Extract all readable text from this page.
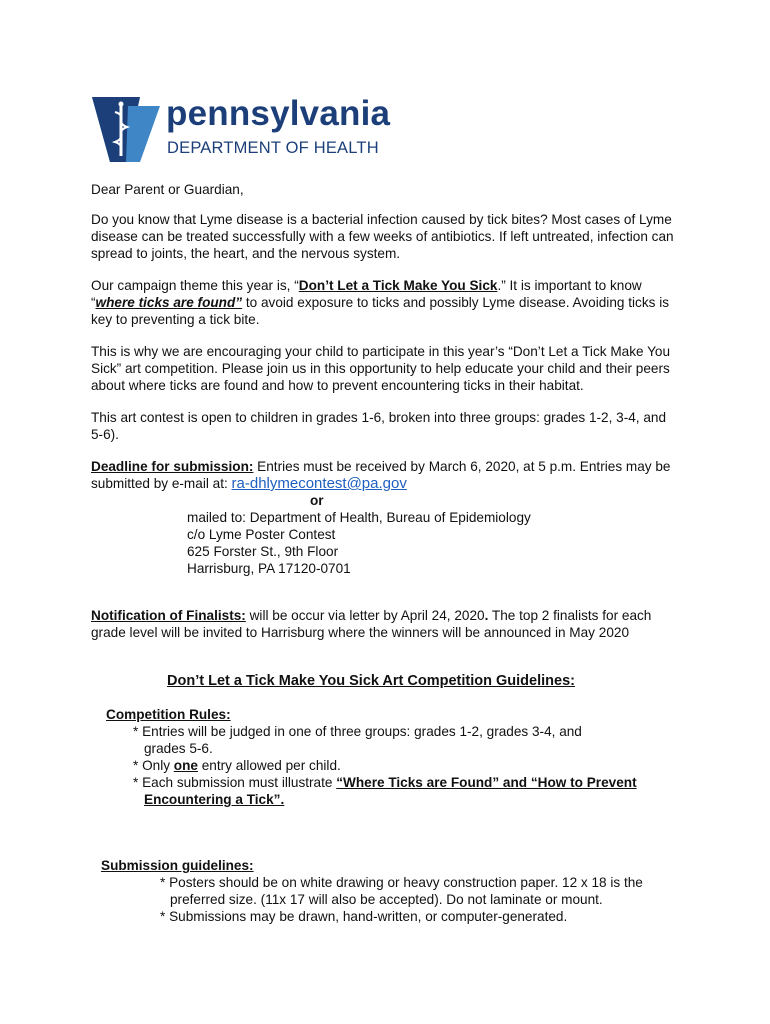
pennsylvania
DEPARTMENT OF HEALTH

Dear Parent or Guardian,

Do you know that Lyme disease is a bacterial infection caused by tick bites? Most cases of Lyme disease can be treated successfully with a few weeks of antibiotics. If left untreated, infection can spread to joints, the heart, and the nervous system.

Our campaign theme this year is, “Don’t Let a Tick Make You Sick.” It is important to know “where ticks are found” to avoid exposure to ticks and possibly Lyme disease. Avoiding ticks is key to preventing a tick bite.

This is why we are encouraging your child to participate in this year’s “Don’t Let a Tick Make You Sick” art competition. Please join us in this opportunity to help educate your child and their peers about where ticks are found and how to prevent encountering ticks in their habitat.

This art contest is open to children in grades 1-6, broken into three groups: grades 1-2, 3-4, and 5-6).

Deadline for submission: Entries must be received by March 6, 2020, at 5 p.m. Entries may be submitted by e-mail at: ra-dhlymecontest@pa.gov

or
mailed to: Department of Health, Bureau of Epidemiology
c/o Lyme Poster Contest
625 Forster St., 9th Floor
Harrisburg, PA 17120-0701

Notification of Finalists: will be occur via letter by April 24, 2020. The top 2 finalists for each grade level will be invited to Harrisburg where the winners will be announced in May 2020

Don’t Let a Tick Make You Sick Art Competition Guidelines:
Competition Rules:
* Entries will be judged in one of three groups: grades 1-2, grades 3-4, and
grades 5-6.
* Only one entry allowed per child.
* Each submission must illustrate “Where Ticks are Found” and “How to Prevent
Encountering a Tick”.
Submission guidelines:
* Posters should be on white drawing or heavy construction paper. 12 x 18 is the
preferred size. (11x 17 will also be accepted). Do not laminate or mount.
* Submissions may be drawn, hand-written, or computer-generated.
